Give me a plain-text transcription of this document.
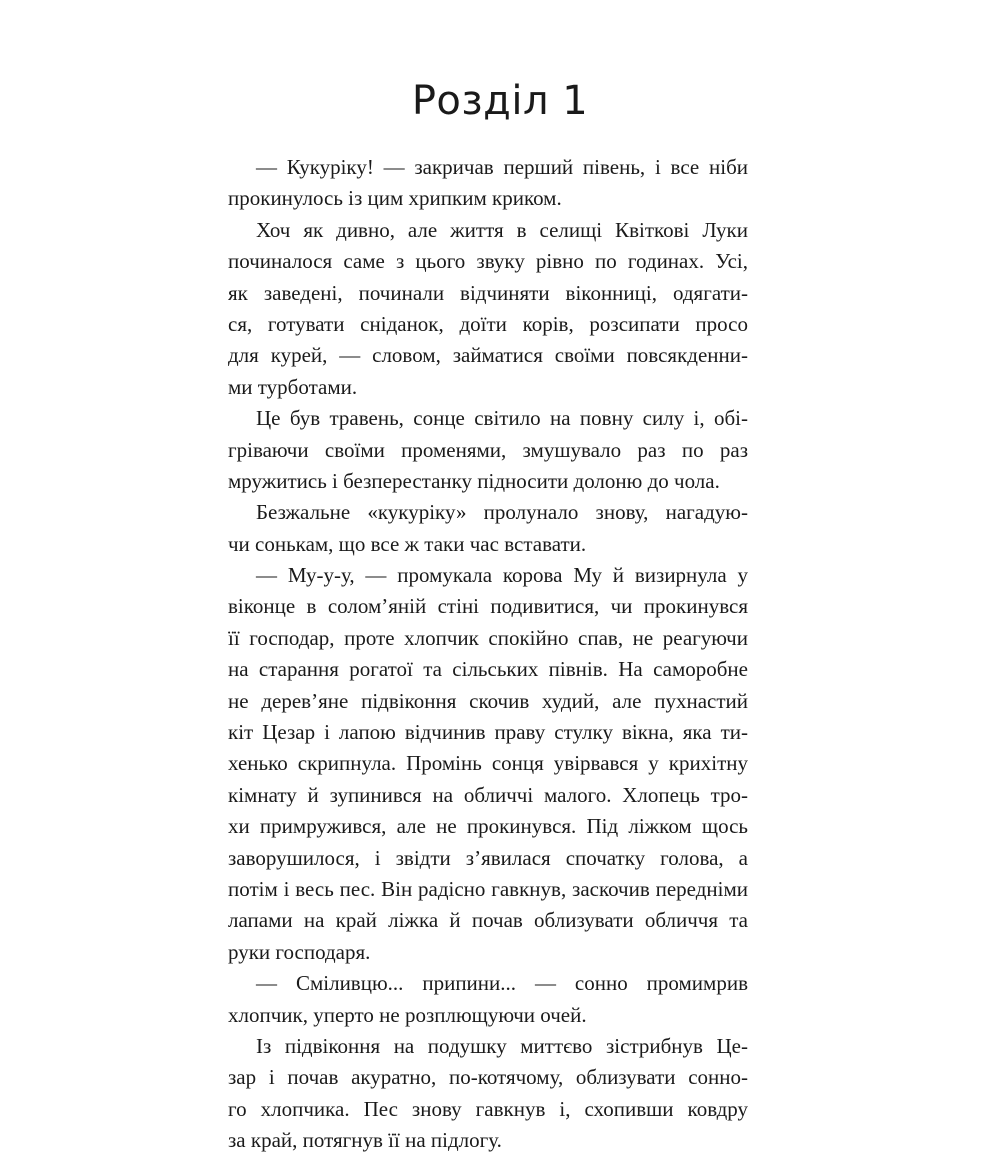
Розділ 1
— Кукуріку! — закричав перший півень, і все ніби
прокинулось із цим хрипким криком.
Хоч як дивно, але життя в селищі Квіткові Луки
починалося саме з цього звуку рівно по годинах. Усі,
як заведені, починали відчиняти віконниці, одягати-
ся, готувати сніданок, доїти корів, розсипати просо
для курей, — словом, займатися своїми повсякденни-
ми турботами.
Це був травень, сонце світило на повну силу і, обі-
гріваючи своїми променями, змушувало раз по раз
мружитись і безперестанку підносити долоню до чола.
Безжальне «кукуріку» пролунало знову, нагадую-
чи сонькам, що все ж таки час вставати.
— Му-у-у, — промукала корова Му й визирнула у
віконце в солом’яній стіні подивитися, чи прокинувся
її господар, проте хлопчик спокійно спав, не реагуючи
на старання рогатої та сільських півнів. На саморобне
не дерев’яне підвіконня скочив худий, але пухнастий
кіт Цезар і лапою відчинив праву стулку вікна, яка ти-
хенько скрипнула. Промінь сонця увірвався у крихітну
кімнату й зупинився на обличчі малого. Хлопець тро-
хи примружився, але не прокинувся. Під ліжком щось
заворушилося, і звідти з’явилася спочатку голова, а
потім і весь пес. Він радісно гавкнув, заскочив передніми
лапами на край ліжка й почав облизувати обличчя та
руки господаря.
— Сміливцю... припини... — сонно промимрив
хлопчик, уперто не розплющуючи очей.
Із підвіконня на подушку миттєво зістрибнув Це-
зар і почав акуратно, по-котячому, облизувати сонно-
го хлопчика. Пес знову гавкнув і, схопивши ковдру
за край, потягнув її на підлогу.
